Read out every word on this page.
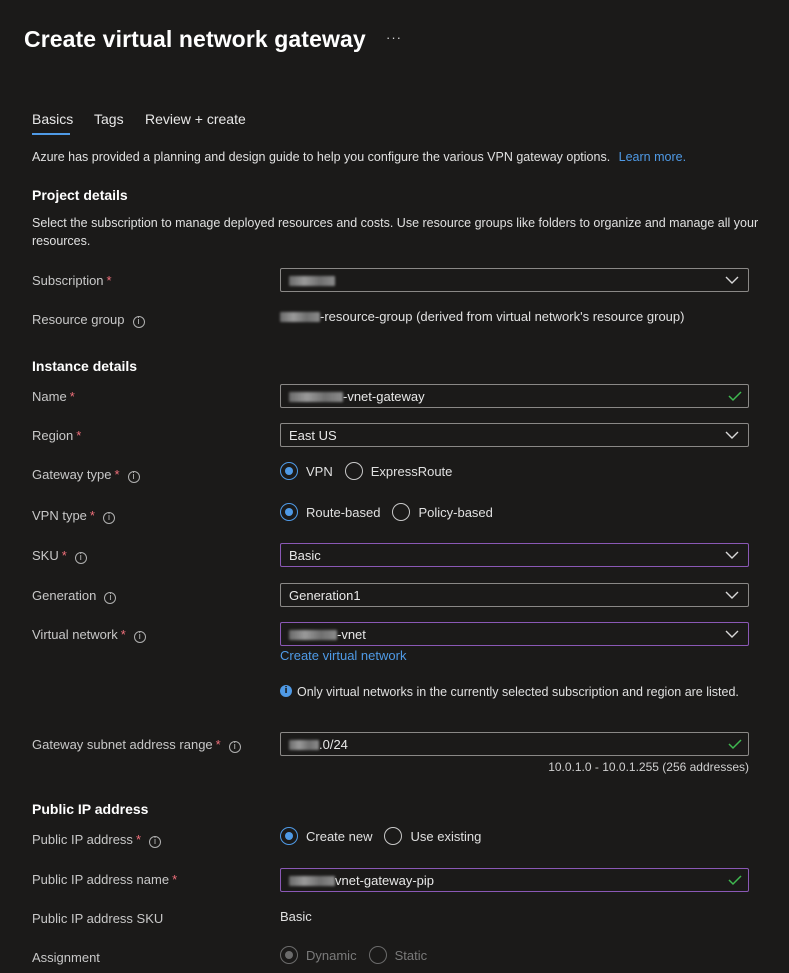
Create virtual network gateway ···
Basics Tags Review + create
Azure has provided a planning and design guide to help you configure the various VPN gateway options. Learn more.
Project details
Select the subscription to manage deployed resources and costs. Use resource groups like folders to organize and manage all your resources.
Subscription *
Resource group i	-resource-group (derived from virtual network's resource group)
Instance details
Name *	-vnet-gateway
Region *	East US
Gateway type * i	VPN	ExpressRoute
VPN type * i	Route-based	Policy-based
SKU * i	Basic
Generation i	Generation1
Virtual network * i	-vnet
Create virtual network
i Only virtual networks in the currently selected subscription and region are listed.
Gateway subnet address range * i	.0/24
10.0.1.0 - 10.0.1.255 (256 addresses)
Public IP address
Public IP address * i	Create new	Use existing
Public IP address name *	vnet-gateway-pip
Public IP address SKU	Basic
Assignment	Dynamic	Static
